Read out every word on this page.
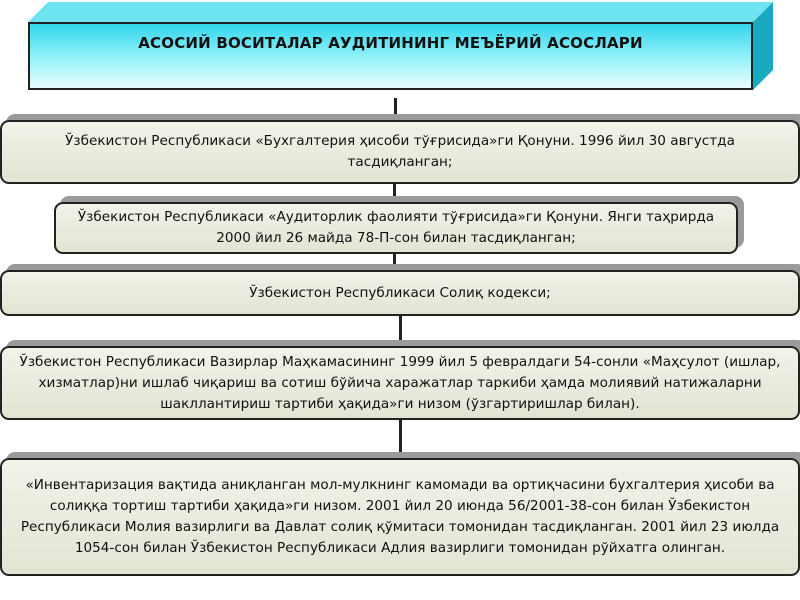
АСОСИЙ ВОСИТАЛАР АУДИТИНИНГ МЕЪЁРИЙ АСОСЛАРИ
Ўзбекистон Республикаси «Бухгалтерия ҳисоби тўғрисида»ги Қонуни. 1996 йил 30 августда тасдиқланган;
Ўзбекистон Республикаси «Аудиторлик фаолияти тўғрисида»ги Қонуни. Янги таҳрирда 2000 йил 26 майда 78-П-сон билан тасдиқланган;
Ўзбекистон Республикаси Солиқ кодекси;
Ўзбекистон Республикаси Вазирлар Маҳкамасининг 1999 йил 5 февралдаги 54-сонли «Маҳсулот (ишлар, хизматлар)ни ишлаб чиқариш ва сотиш бўйича харажатлар таркиби ҳамда молиявий натижаларни шакллантириш тартиби ҳақида»ги низом (ўзгартиришлар билан).
«Инвентаризация вақтида аниқланган мол-мулкнинг камомади ва ортиқчасини бухгалтерия ҳисоби ва солиққа тортиш тартиби ҳақида»ги низом. 2001 йил 20 июнда 56/2001-38-сон билан Ўзбекистон Республикаси Молия вазирлиги ва Давлат солиқ қўмитаси томонидан тасдиқланган. 2001 йил 23 июлда 1054-сон билан Ўзбекистон Республикаси Адлия вазирлиги томонидан рўйхатга олинган.
